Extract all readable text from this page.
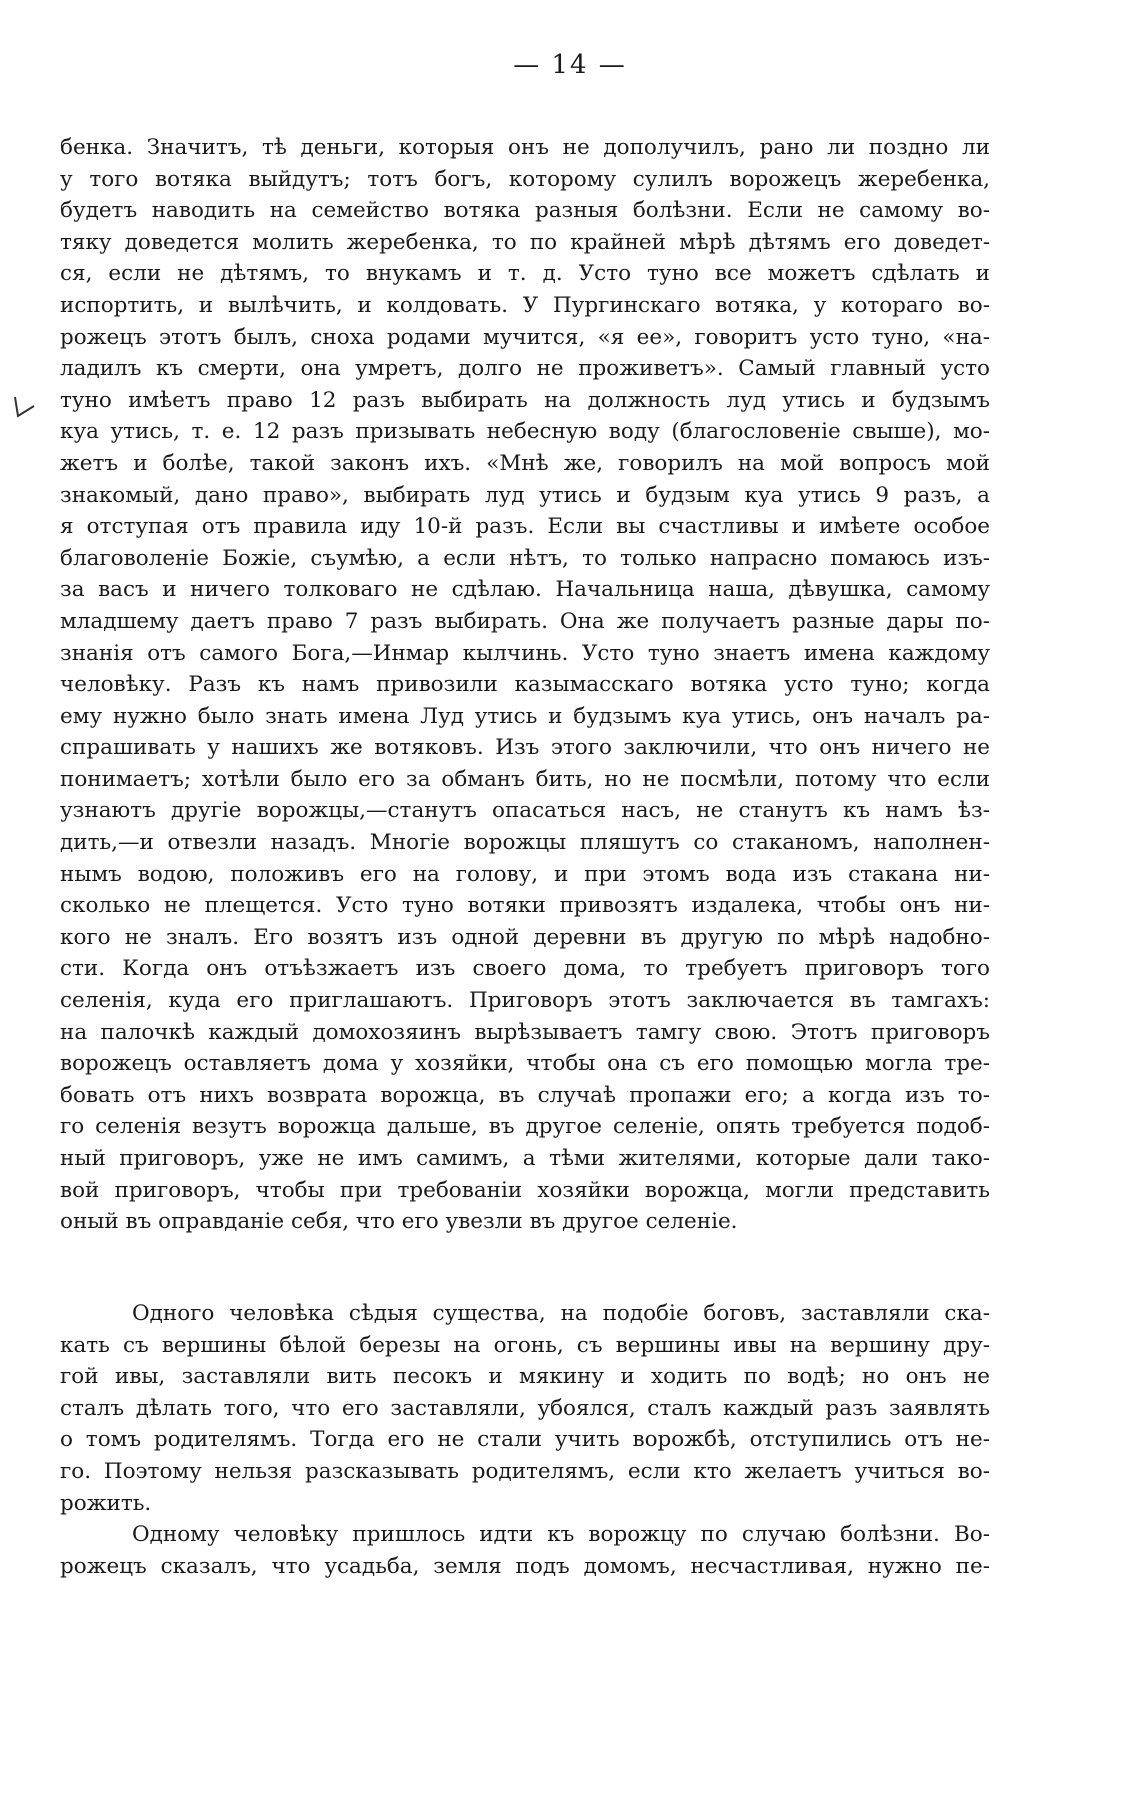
— 14 —
бенка. Значитъ, тѣ деньги, которыя онъ не дополучилъ, рано ли поздно ли
у того вотяка выйдутъ; тотъ богъ, которому сулилъ ворожецъ жеребенка,
будетъ наводить на семейство вотяка разныя болѣзни. Если не самому во-
тяку доведется молить жеребенка, то по крайней мѣрѣ дѣтямъ его доведет-
ся, если не дѣтямъ, то внукамъ и т. д. Усто туно все можетъ сдѣлать и
испортить, и вылѣчить, и колдовать. У Пургинскаго вотяка, у котораго во-
рожецъ этотъ былъ, сноха родами мучится, «я ее», говоритъ усто туно, «на-
ладилъ къ смерти, она умретъ, долго не проживетъ». Самый главный усто
туно имѣетъ право 12 разъ выбирать на должность луд утись и будзымъ
куа утись, т. е. 12 разъ призывать небесную воду (благословеніе свыше), мо-
жетъ и болѣе, такой законъ ихъ. «Мнѣ же, говорилъ на мой вопросъ мой
знакомый, дано право», выбирать луд утись и будзым куа утись 9 разъ, а
я отступая отъ правила иду 10-й разъ. Если вы счастливы и имѣете особое
благоволеніе Божіе, съумѣю, а если нѣтъ, то только напрасно помаюсь изъ-
за васъ и ничего толковаго не сдѣлаю. Начальница наша, дѣвушка, самому
младшему даетъ право 7 разъ выбирать. Она же получаетъ разные дары по-
знанія отъ самого Бога,—Инмар кылчинь. Усто туно знаетъ имена каждому
человѣку. Разъ къ намъ привозили казымасскаго вотяка усто туно; когда
ему нужно было знать имена Луд утись и будзымъ куа утись, онъ началъ ра-
спрашивать у нашихъ же вотяковъ. Изъ этого заключили, что онъ ничего не
понимаетъ; хотѣли было его за обманъ бить, но не посмѣли, потому что если
узнаютъ другіе ворожцы,—станутъ опасаться насъ, не станутъ къ намъ ѣз-
дить,—и отвезли назадъ. Многіе ворожцы пляшутъ со стаканомъ, наполнен-
нымъ водою, положивъ его на голову, и при этомъ вода изъ стакана ни-
сколько не плещется. Усто туно вотяки привозятъ издалека, чтобы онъ ни-
кого не зналъ. Его возятъ изъ одной деревни въ другую по мѣрѣ надобно-
сти. Когда онъ отъѣзжаетъ изъ своего дома, то требуетъ приговоръ того
селенія, куда его приглашаютъ. Приговоръ этотъ заключается въ тамгахъ:
на палочкѣ каждый домохозяинъ вырѣзываетъ тамгу свою. Этотъ приговоръ
ворожецъ оставляетъ дома у хозяйки, чтобы она съ его помощью могла тре-
бовать отъ нихъ возврата ворожца, въ случаѣ пропажи его; а когда изъ то-
го селенія везутъ ворожца дальше, въ другое селеніе, опять требуется подоб-
ный приговоръ, уже не имъ самимъ, а тѣми жителями, которые дали тако-
вой приговоръ, чтобы при требованіи хозяйки ворожца, могли представить
оный въ оправданіе себя, что его увезли въ другое селеніе.
Одного человѣка сѣдыя существа, на подобіе боговъ, заставляли ска-
кать съ вершины бѣлой березы на огонь, съ вершины ивы на вершину дру-
гой ивы, заставляли вить песокъ и мякину и ходить по водѣ; но онъ не
сталъ дѣлать того, что его заставляли, убоялся, сталъ каждый разъ заявлять
о томъ родителямъ. Тогда его не стали учить ворожбѣ, отступились отъ не-
го. Поэтому нельзя разсказывать родителямъ, если кто желаетъ учиться во-
рожить.
Одному человѣку пришлось идти къ ворожцу по случаю болѣзни. Во-
рожецъ сказалъ, что усадьба, земля подъ домомъ, несчастливая, нужно пе-
